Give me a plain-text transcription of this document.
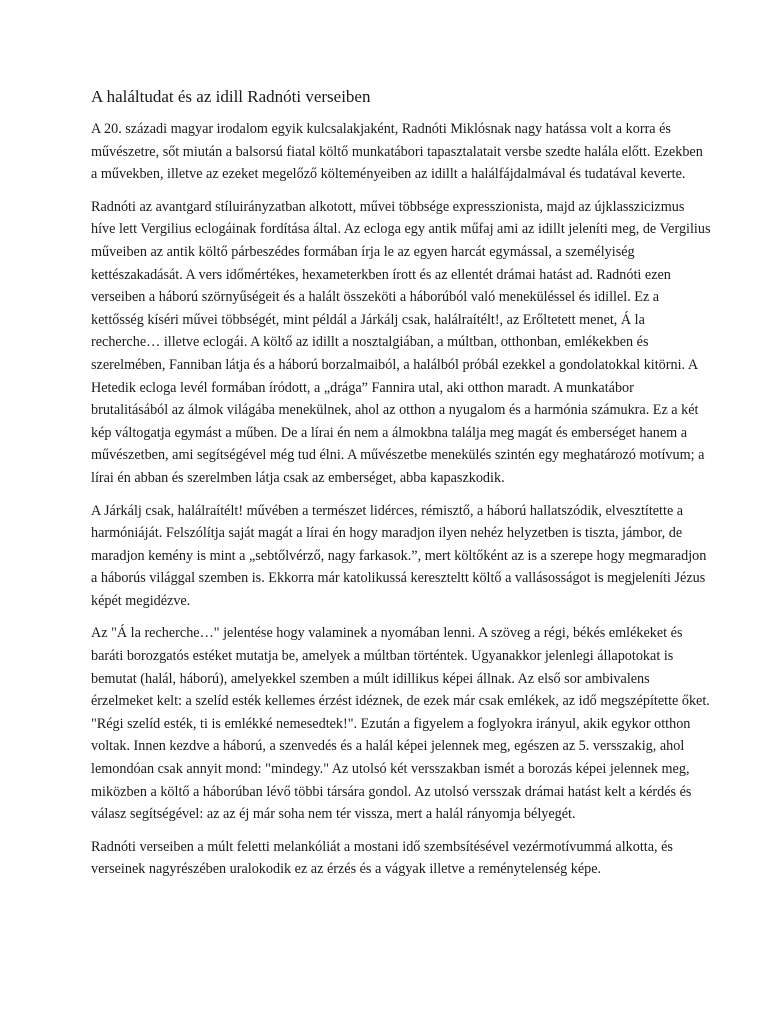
A haláltudat és az idill Radnóti verseiben

A 20. századi magyar irodalom egyik kulcsalakjaként, Radnóti Miklósnak nagy hatássa volt a korra és művészetre, sőt miután a balsorsú fiatal költő munkatábori tapasztalatait versbe szedte halála előtt. Ezekben a művekben, illetve az ezeket megelőző költeményeiben az idillt a halálfájdalmával és tudatával keverte.

Radnóti az avantgard stíluirányzatban alkotott, művei többsége expresszionista, majd az újklasszicizmus híve lett Vergilius eclogáinak fordítása által. Az ecloga egy antik műfaj ami az idillt jeleníti meg, de Vergilius műveiben az antik költő párbeszédes formában írja le az egyen harcát egymással, a személyiség kettészakadását. A vers időmértékes, hexameterkben írott és az ellentét drámai hatást ad. Radnóti ezen verseiben a háború szörnyűségeit és a halált összeköti a háborúból való meneküléssel és idillel. Ez a kettősség kíséri művei többségét, mint példál a Járkálj csak, halálraítélt!, az Erőltetett menet, Á la recherche… illetve eclogái. A költő az idillt a nosztalgiában, a múltban, otthonban, emlékekben és szerelmében, Fanniban látja és a háború borzalmaiból, a halálból próbál ezekkel a gondolatokkal kitörni. A Hetedik ecloga levél formában íródott, a „drága” Fannira utal, aki otthon maradt. A munkatábor brutalitásából az álmok világába menekülnek, ahol az otthon a nyugalom és a harmónia számukra. Ez a két kép váltogatja egymást a műben. De a lírai én nem a álmokbna találja meg magát és emberséget hanem a művészetben, ami segítségével még tud élni. A művészetbe menekülés szintén egy meghatározó motívum; a lírai én abban és szerelmben látja csak az emberséget, abba kapaszkodik.

A Járkálj csak, halálraítélt! művében a természet lidérces, rémisztő, a háború hallatszódik, elvesztítette a harmóniáját. Felszólítja saját magát a lírai én hogy maradjon ilyen nehéz helyzetben is tiszta, jámbor, de maradjon kemény is mint a „sebtőlvérző, nagy farkasok.”, mert költőként az is a szerepe hogy megmaradjon a háborús világgal szemben is. Ekkorra már katolikussá kereszteltt költő a vallásosságot is megjeleníti Jézus képét megidézve.

Az "Á la recherche…" jelentése hogy valaminek a nyomában lenni. A szöveg a régi, békés emlékeket és baráti borozgatós estéket mutatja be, amelyek a múltban történtek. Ugyanakkor jelenlegi állapotokat is bemutat (halál, háború), amelyekkel szemben a múlt idillikus képei állnak. Az első sor ambivalens érzelmeket kelt: a szelíd esték kellemes érzést idéznek, de ezek már csak emlékek, az idő megszépítette őket. "Régi szelíd esték, ti is emlékké nemesedtek!". Ezután a figyelem a foglyokra irányul, akik egykor otthon voltak. Innen kezdve a háború, a szenvedés és a halál képei jelennek meg, egészen az 5. versszakig, ahol lemondóan csak annyit mond: "mindegy." Az utolsó két versszakban ismét a borozás képei jelennek meg, miközben a költő a háborúban lévő többi társára gondol. Az utolsó versszak drámai hatást kelt a kérdés és válasz segítségével: az az éj már soha nem tér vissza, mert a halál rányomja bélyegét.

Radnóti verseiben a múlt feletti melankóliát a mostani idő szembsítésével vezérmotívummá alkotta, és verseinek nagyrészében uralokodik ez az érzés és a vágyak illetve a reménytelenség képe.
